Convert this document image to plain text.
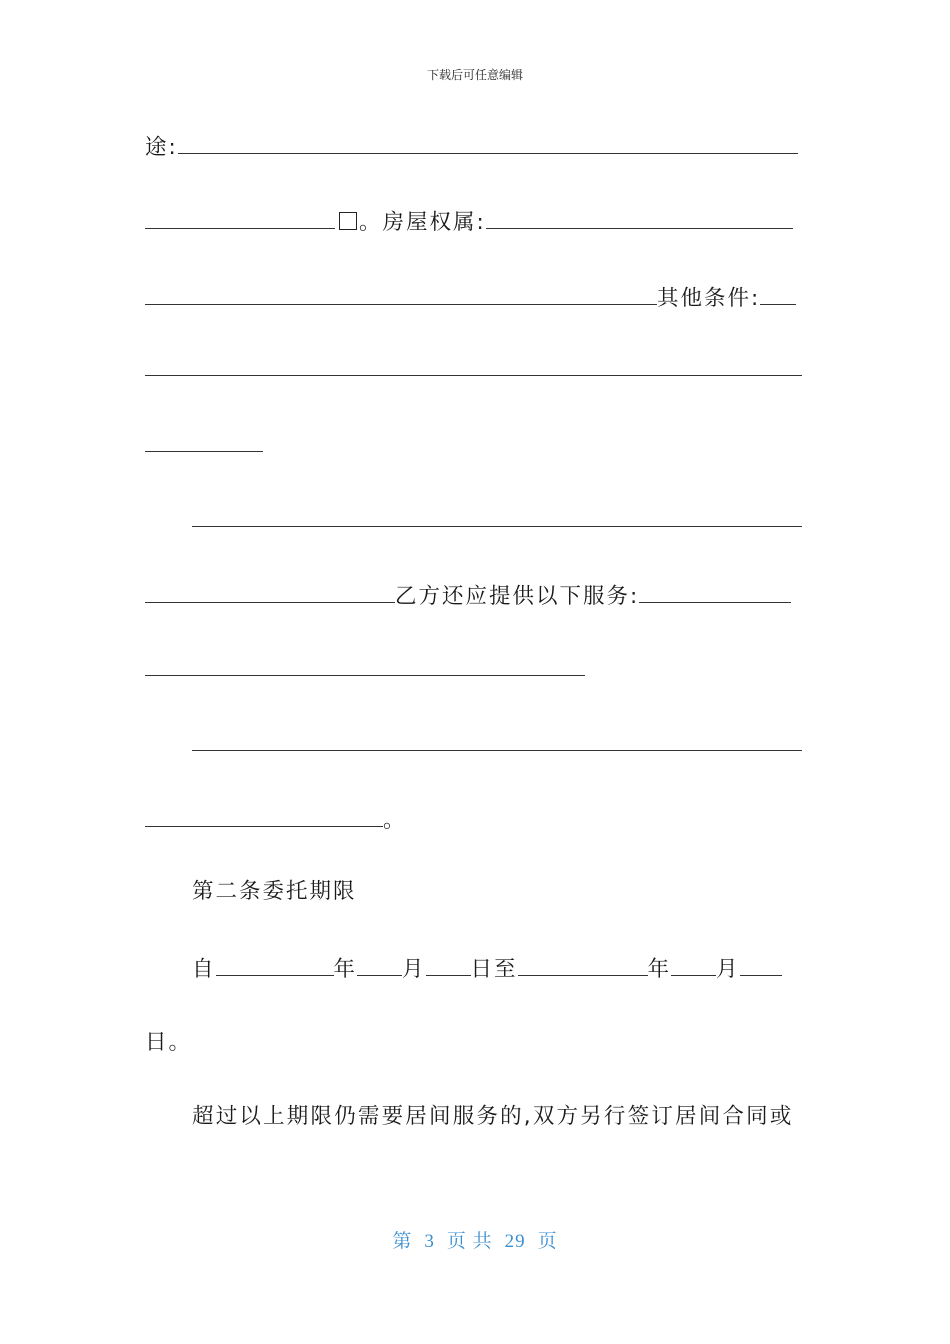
下载后可任意编辑
途:
。房屋权属:
其他条件:
乙方还应提供以下服务:
。
第二条委托期限
自	年 月 日至	年 月
日。
超过以上期限仍需要居间服务的,双方另行签订居间合同或
第 3 页 共 29 页
